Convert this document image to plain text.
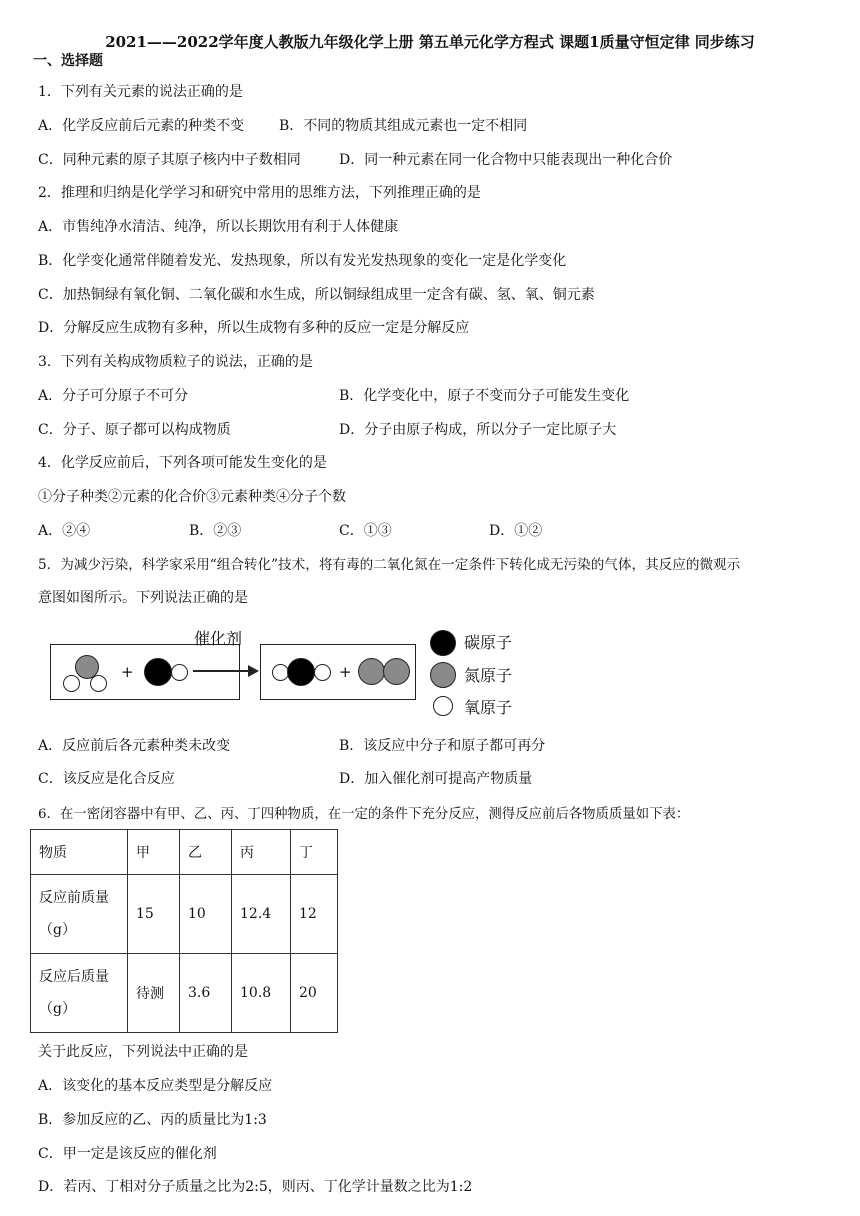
2021——2022学年度人教版九年级化学上册 第五单元化学方程式 课题1质量守恒定律 同步练习
一、选择题
1．下列有关元素的说法正确的是
A．化学反应前后元素的种类不变 B．不同的物质其组成元素也一定不相同
C．同种元素的原子其原子核内中子数相同	D．同一种元素在同一化合物中只能表现出一种化合价
2．推理和归纳是化学学习和研究中常用的思维方法，下列推理正确的是
A．市售纯净水清洁、纯净，所以长期饮用有利于人体健康
B．化学变化通常伴随着发光、发热现象，所以有发光发热现象的变化一定是化学变化
C．加热铜绿有氧化铜、二氧化碳和水生成，所以铜绿组成里一定含有碳、氢、氧、铜元素
D．分解反应生成物有多种，所以生成物有多种的反应一定是分解反应
3．下列有关构成物质粒子的说法，正确的是
A．分子可分原子不可分	B．化学变化中，原子不变而分子可能发生变化
C．分子、原子都可以构成物质	D．分子由原子构成，所以分子一定比原子大
4．化学反应前后，下列各项可能发生变化的是
①分子种类②元素的化合价③元素种类④分子个数
A．②④	B．②③	C．①③	D．①②
5．为减少污染，科学家采用“组合转化”技术，将有毒的二氧化氮在一定条件下转化成无污染的气体，其反应的微观示
意图如图所示。下列说法正确的是
+
催化剂
+
碳原子
氮原子
氧原子
A．反应前后各元素种类未改变	B．该反应中分子和原子都可再分
C．该反应是化合反应	D．加入催化剂可提高产物质量
6．在一密闭容器中有甲、乙、丙、丁四种物质，在一定的条件下充分反应，测得反应前后各物质质量如下表：
物质	甲	乙	丙	丁

反应前质量
（g）	15	10	12.4	12

反应后质量
（g）	待测	3.6	10.8	20
关于此反应，下列说法中正确的是
A．该变化的基本反应类型是分解反应
B．参加反应的乙、丙的质量比为1:3
C．甲一定是该反应的催化剂
D．若丙、丁相对分子质量之比为2:5，则丙、丁化学计量数之比为1:2
